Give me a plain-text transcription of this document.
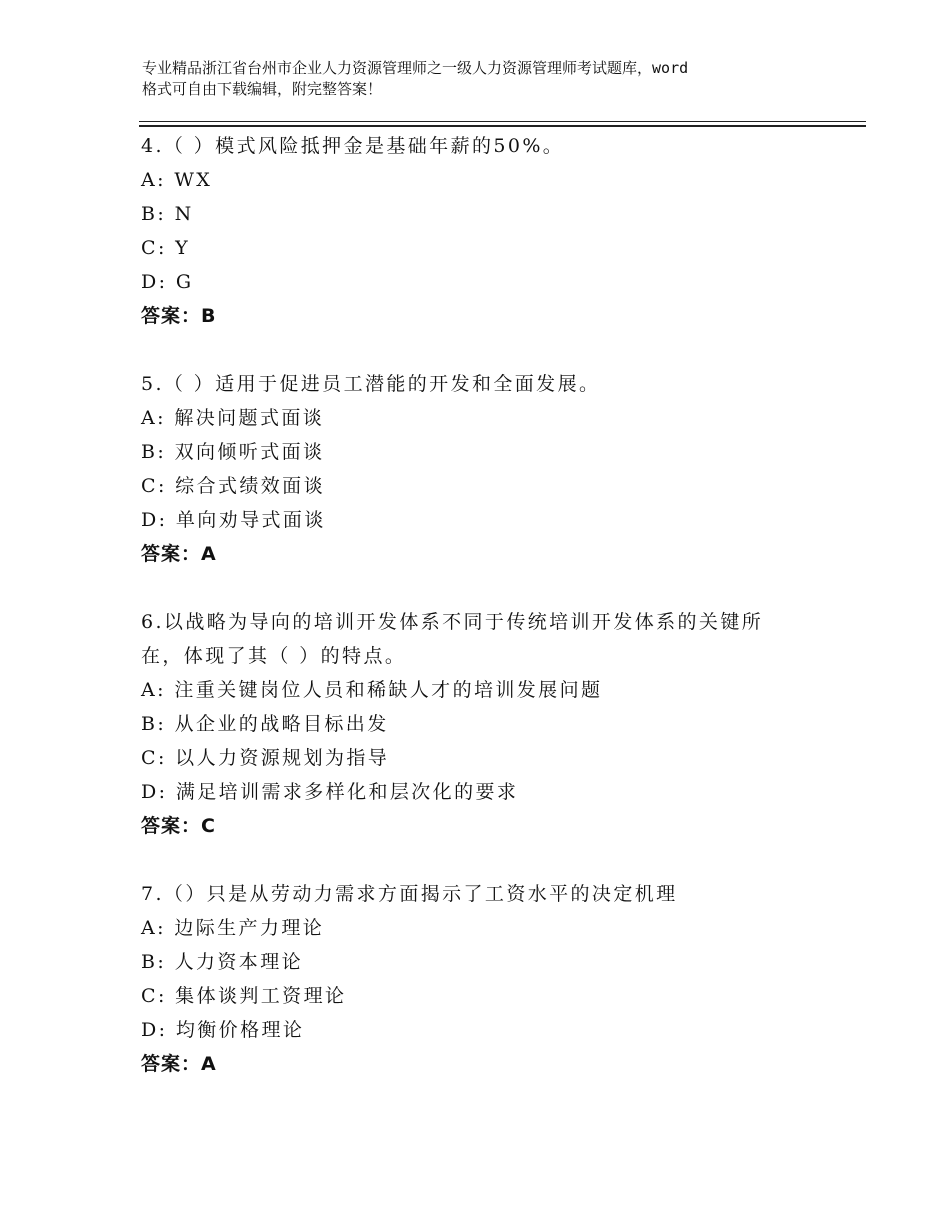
专业精品浙江省台州市企业人力资源管理师之一级人力资源管理师考试题库，word
格式可自由下载编辑，附完整答案！
4.（ ）模式风险抵押金是基础年薪的50%。
A: WX
B: N
C: Y
D: G
答案：B
5.（ ）适用于促进员工潜能的开发和全面发展。
A: 解决问题式面谈
B: 双向倾听式面谈
C: 综合式绩效面谈
D: 单向劝导式面谈
答案：A
6.以战略为导向的培训开发体系不同于传统培训开发体系的关键所
在，体现了其（ ）的特点。
A: 注重关键岗位人员和稀缺人才的培训发展问题
B: 从企业的战略目标出发
C: 以人力资源规划为指导
D: 满足培训需求多样化和层次化的要求
答案：C
7.（）只是从劳动力需求方面揭示了工资水平的决定机理
A: 边际生产力理论
B: 人力资本理论
C: 集体谈判工资理论
D: 均衡价格理论
答案：A
